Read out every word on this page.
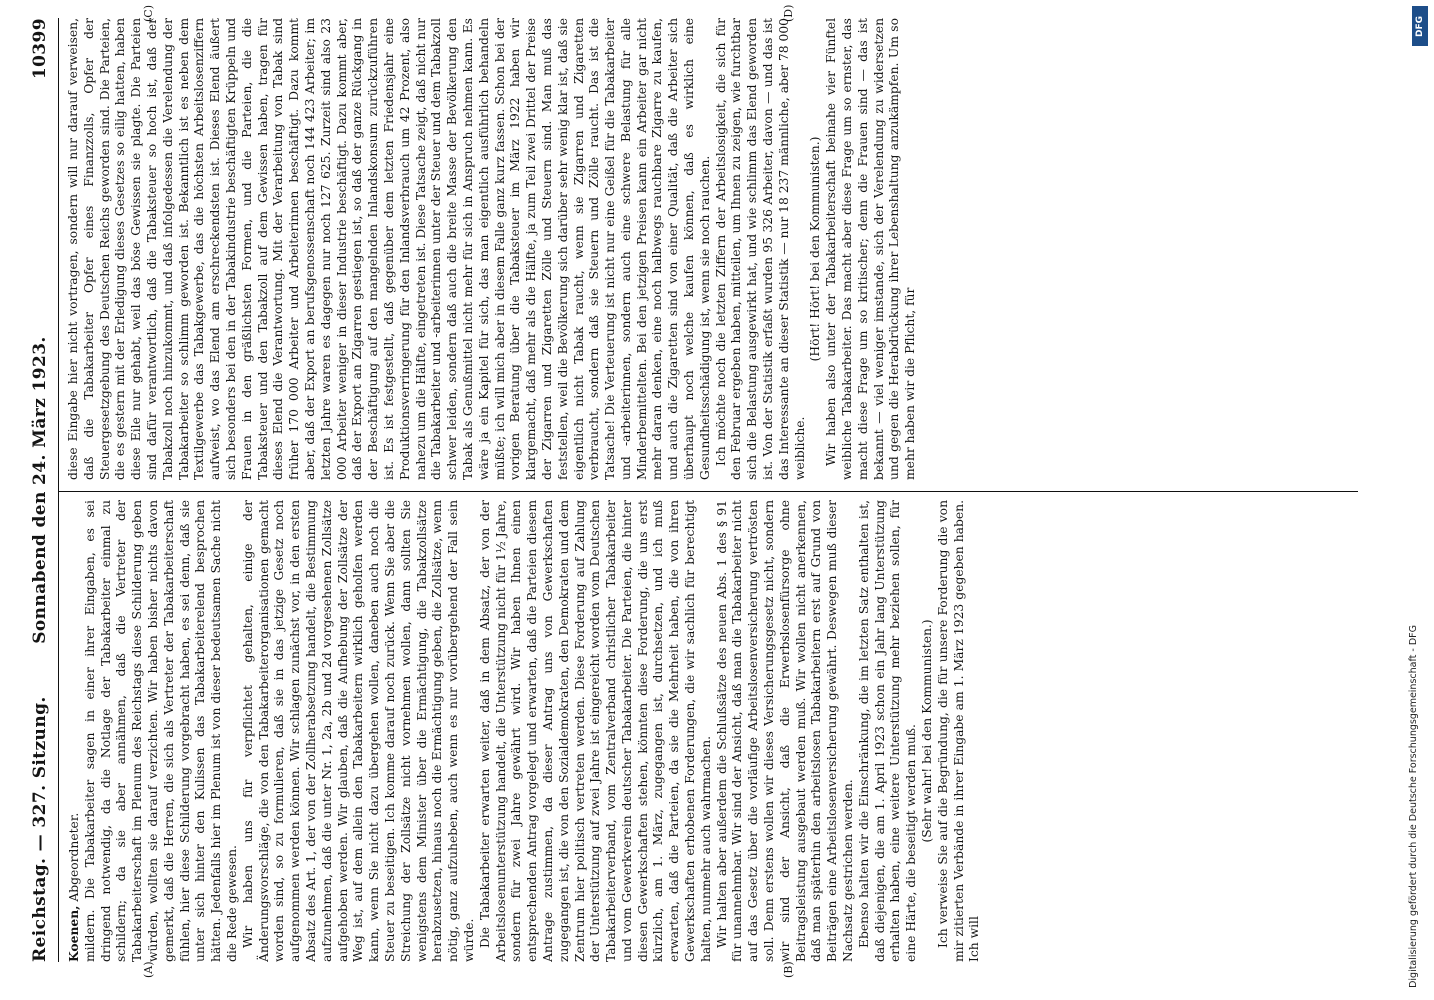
Reichstag. — 327. Sitzung.
Sonnabend den 24. März 1923.
10399

Koenen, Abgeordneter. mildern. Die Tabakarbeiter sagen in einer ihrer Eingaben, es sei dringend notwendig, da die Notlage der Tabakarbeiter einmal zu schildern; da sie aber annähmen, daß die Vertreter der Tabakarbeiterschaft im Plenum des Reichstags diese Schilderung geben würden, wollten sie darauf verzichten. Wir haben bisher nichts davon gemerkt, daß die Herren, die sich als Vertreter der Tabakarbeiterschaft fühlen, hier diese Schilderung vorgebracht haben, es sei denn, daß sie unter sich hinter den Kulissen das Tabakarbeiterelend besprochen hätten. Jedenfalls hier im Plenum ist von dieser bedeutsamen Sache nicht die Rede gewesen. Wir haben uns für verpflichtet gehalten, einige der Änderungsvorschläge, die von den Tabakarbeiterorganisationen gemacht worden sind, so zu formulieren, daß sie in das jetzige Gesetz noch aufgenommen werden können. Wir schlagen zunächst vor, in den ersten Absatz des Art. 1, der von der Zollherabsetzung handelt, die Bestimmung aufzunehmen, daß die unter Nr. 1, 2a, 2b und 2d vorgesehenen Zollsätze aufgehoben werden. Wir glauben, daß die Aufhebung der Zollsätze der Weg ist, auf dem allein den Tabakarbeitern wirklich geholfen werden kann, wenn Sie nicht dazu übergehen wollen, daneben auch noch die Steuer zu beseitigen. Ich komme darauf noch zurück. Wenn Sie aber die Streichung der Zollsätze nicht vornehmen wollen, dann sollten Sie wenigstens dem Minister über die Ermächtigung, die Tabakzollsätze herabzusetzen, hinaus noch die Ermächtigung geben, die Zollsätze, wenn nötig, ganz aufzuheben, auch wenn es nur vorübergehend der Fall sein würde. Die Tabakarbeiter erwarten weiter, daß in dem Absatz, der von der Arbeitslosenunterstützung handelt, die Unterstützung nicht für 1½ Jahre, sondern für zwei Jahre gewährt wird. Wir haben Ihnen einen entsprechenden Antrag vorgelegt und erwarten, daß die Parteien diesem Antrage zustimmen, da dieser Antrag uns von Gewerkschaften zugegangen ist, die von den Sozialdemokraten, den Demokraten und dem Zentrum hier politisch vertreten werden. Diese Forderung auf Zahlung der Unterstützung auf zwei Jahre ist eingereicht worden vom Deutschen Tabakarbeiterverband, vom Zentralverband christlicher Tabakarbeiter und vom Gewerkverein deutscher Tabakarbeiter. Die Parteien, die hinter diesen Gewerkschaften stehen, könnten diese Forderung, die uns erst kürzlich, am 1. März, zugegangen ist, durchsetzen, und ich muß erwarten, daß die Parteien, da sie die Mehrheit haben, die von ihren Gewerkschaften erhobenen Forderungen, die wir sachlich für berechtigt halten, nunmehr auch wahrmachen. Wir halten aber außerdem die Schlußsätze des neuen Abs. 1 des § 91 für unannehmbar. Wir sind der Ansicht, daß man die Tabakarbeiter nicht auf das Gesetz über die vorläufige Arbeitslosenversicherung vertrösten soll. Denn erstens wollen wir dieses Versicherungsgesetz nicht, sondern wir sind der Ansicht, daß die Erwerbslosenfürsorge ohne Beitragsleistung ausgebaut werden muß. Wir wollen nicht anerkennen, daß man späterhin den arbeitslosen Tabakarbeitern erst auf Grund von Beiträgen eine Arbeitslosenversicherung gewährt. Deswegen muß dieser Nachsatz gestrichen werden. Ebenso halten wir die Einschränkung, die im letzten Satz enthalten ist, daß diejenigen, die am 1. April 1923 schon ein Jahr lang Unterstützung erhalten haben, eine weitere Unterstützung mehr beziehen sollen, für eine Härte, die beseitigt werden muß. (Sehr wahr! bei den Kommunisten.) Ich verweise Sie auf die Begründung, die für unsere Forderung die von mir zitierten Verbände in ihrer Eingabe am 1. März 1923 gegeben haben. Ich will

diese Eingabe hier nicht vortragen, sondern will nur darauf verweisen, daß die Tabakarbeiter Opfer eines Finanzzolls, Opfer der Steuergesetzgebung des Deutschen Reichs geworden sind. Die Parteien, die es gestern mit der Erledigung dieses Gesetzes so eilig hatten, haben diese Eile nur gehabt, weil das böse Gewissen sie plagte. Die Parteien sind dafür verantwortlich, daß die Tabaksteuer so hoch ist, daß der Tabakzoll noch hinzukommt, und daß infolgedessen die Verelendung der Tabakarbeiter so schlimm geworden ist. Bekanntlich ist es neben dem Textilgewerbe das Tabakgewerbe, das die höchsten Arbeitslosenziffern aufweist, wo das Elend am erschreckendsten ist. Dieses Elend äußert sich besonders bei den in der Tabakindustrie beschäftigten Krüppeln und Frauen in den gräßlichsten Formen, und die Parteien, die die Tabaksteuer und den Tabakzoll auf dem Gewissen haben, tragen für dieses Elend die Verantwortung. Mit der Verarbeitung von Tabak sind früher 170 000 Arbeiter und Arbeiterinnen beschäftigt. Dazu kommt aber, daß der Export an berufsgenossenschaft noch 144 423 Arbeiter; im letzten Jahre waren es dagegen nur noch 127 625. Zurzeit sind also 23 000 Arbeiter weniger in dieser Industrie beschäftigt. Dazu kommt aber, daß der Export an Zigarren gestiegen ist, so daß der ganze Rückgang in der Beschäftigung auf den mangelnden Inlandskonsum zurückzuführen ist. Es ist festgestellt, daß gegenüber dem letzten Friedensjahr eine Produktionsverringerung für den Inlandsverbrauch um 42 Prozent, also nahezu um die Hälfte, eingetreten ist. Diese Tatsache zeigt, daß nicht nur die Tabakarbeiter und -arbeiterinnen unter der Steuer und dem Tabakzoll schwer leiden, sondern daß auch die breite Masse der Bevölkerung den Tabak als Genußmittel nicht mehr für sich in Anspruch nehmen kann. Es wäre ja ein Kapitel für sich, das man eigentlich ausführlich behandeln müßte; ich will mich aber in diesem Falle ganz kurz fassen. Schon bei der vorigen Beratung über die Tabaksteuer im März 1922 haben wir klargemacht, daß mehr als die Hälfte, ja zum Teil zwei Drittel der Preise der Zigarren und Zigaretten Zölle und Steuern sind. Man muß das feststellen, weil die Bevölkerung sich darüber sehr wenig klar ist, daß sie eigentlich nicht Tabak raucht, wenn sie Zigarren und Zigaretten verbraucht, sondern daß sie Steuern und Zölle raucht. Das ist die Tatsache! Die Verteuerung ist nicht nur eine Geißel für die Tabakarbeiter und -arbeiterinnen, sondern auch eine schwere Belastung für alle Minderbemittelten. Bei den jetzigen Preisen kann ein Arbeiter gar nicht mehr daran denken, eine noch halbwegs rauchbare Zigarre zu kaufen, und auch die Zigaretten sind von einer Qualität, daß die Arbeiter sich überhaupt noch welche kaufen können, daß es wirklich eine Gesundheitsschädigung ist, wenn sie noch rauchen. Ich möchte noch die letzten Ziffern der Arbeitslosigkeit, die sich für den Februar ergeben haben, mitteilen, um Ihnen zu zeigen, wie furchtbar sich die Belastung ausgewirkt hat, und wie schlimm das Elend geworden ist. Von der Statistik erfaßt wurden 95 326 Arbeiter, davon — und das ist das Interessante an dieser Statistik — nur 18 237 männliche, aber 78 000 weibliche.

(Hört! Hört! bei den Kommunisten.) Wir haben also unter der Tabakarbeiterschaft beinahe vier Fünftel weibliche Tabakarbeiter. Das macht aber diese Frage um so ernster, das macht diese Frage um so kritischer; denn die Frauen sind — das ist bekannt — viel weniger imstande, sich der Verelendung zu widersetzen und gegen die Herabdrückung ihrer Lebenshaltung anzukämpfen. Um so mehr haben wir die Pflicht, für

(A)	(B)
(C)	(D)
Digitalisierung gefördert durch die Deutsche Forschungsgemeinschaft - DFG
DFG
